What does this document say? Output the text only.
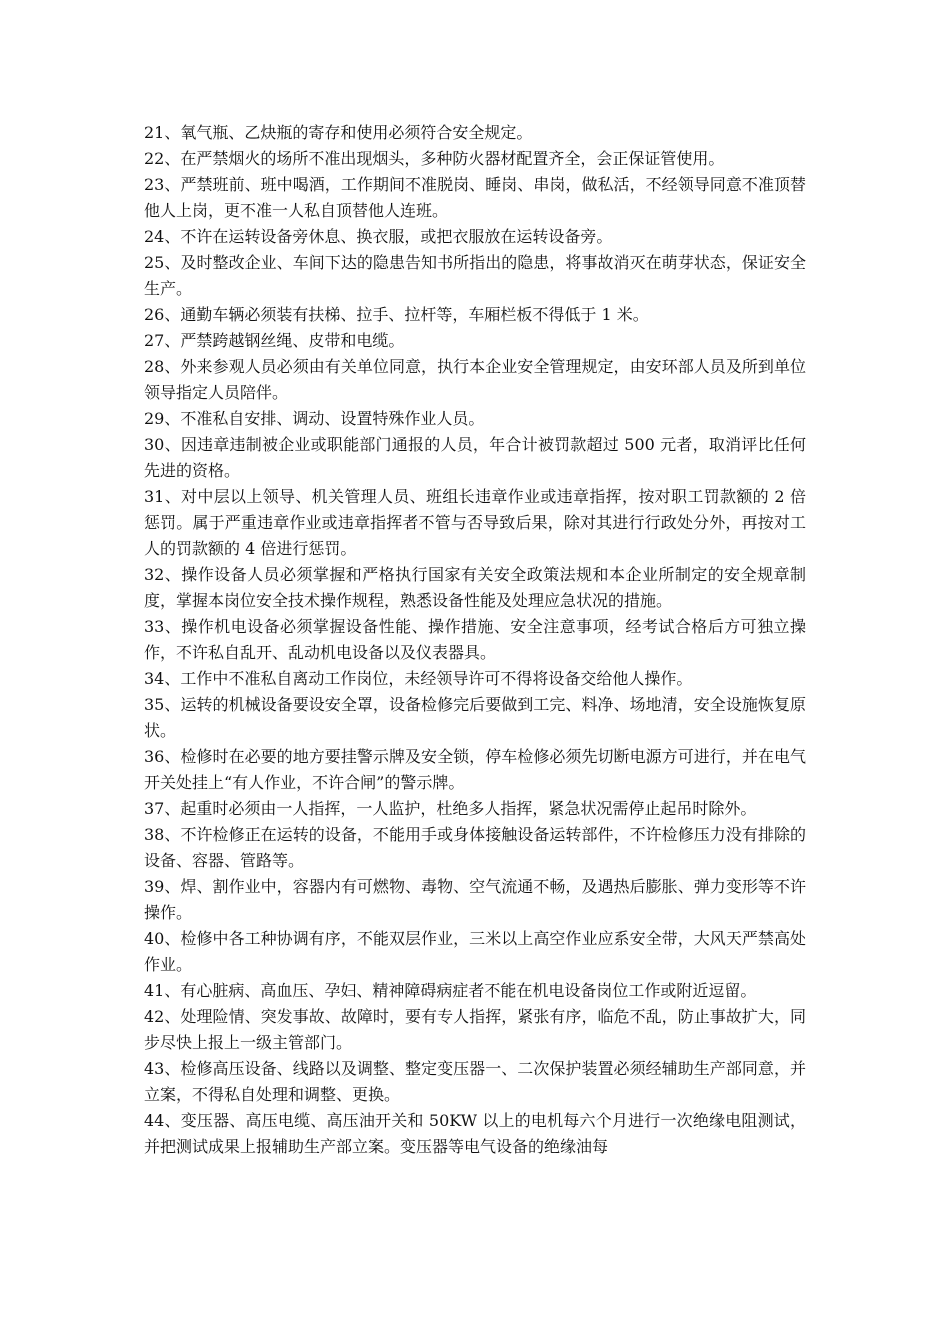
21、氧气瓶、乙炔瓶的寄存和使用必须符合安全规定。

22、在严禁烟火的场所不准出现烟头，多种防火器材配置齐全，会正保证管使用。

23、严禁班前、班中喝酒，工作期间不准脱岗、睡岗、串岗，做私活，不经领导同意不准顶替他人上岗，更不准一人私自顶替他人连班。

24、不许在运转设备旁休息、换衣服，或把衣服放在运转设备旁。

25、及时整改企业、车间下达的隐患告知书所指出的隐患，将事故消灭在萌芽状态，保证安全生产。

26、通勤车辆必须装有扶梯、拉手、拉杆等，车厢栏板不得低于 1 米。

27、严禁跨越钢丝绳、皮带和电缆。

28、外来参观人员必须由有关单位同意，执行本企业安全管理规定，由安环部人员及所到单位领导指定人员陪伴。

29、不准私自安排、调动、设置特殊作业人员。

30、因违章违制被企业或职能部门通报的人员，年合计被罚款超过 500 元者，取消评比任何先进的资格。

31、对中层以上领导、机关管理人员、班组长违章作业或违章指挥，按对职工罚款额的 2 倍惩罚。属于严重违章作业或违章指挥者不管与否导致后果，除对其进行行政处分外，再按对工人的罚款额的 4 倍进行惩罚。

32、操作设备人员必须掌握和严格执行国家有关安全政策法规和本企业所制定的安全规章制度，掌握本岗位安全技术操作规程，熟悉设备性能及处理应急状况的措施。

33、操作机电设备必须掌握设备性能、操作措施、安全注意事项，经考试合格后方可独立操作，不许私自乱开、乱动机电设备以及仪表器具。

34、工作中不准私自离动工作岗位，未经领导许可不得将设备交给他人操作。

35、运转的机械设备要设安全罩，设备检修完后要做到工完、料净、场地清，安全设施恢复原状。

36、检修时在必要的地方要挂警示牌及安全锁，停车检修必须先切断电源方可进行，并在电气开关处挂上“有人作业，不许合闸”的警示牌。

37、起重时必须由一人指挥，一人监护，杜绝多人指挥，紧急状况需停止起吊时除外。

38、不许检修正在运转的设备，不能用手或身体接触设备运转部件，不许检修压力没有排除的设备、容器、管路等。

39、焊、割作业中，容器内有可燃物、毒物、空气流通不畅，及遇热后膨胀、弹力变形等不许操作。

40、检修中各工种协调有序，不能双层作业，三米以上高空作业应系安全带，大风天严禁高处作业。

41、有心脏病、高血压、孕妇、精神障碍病症者不能在机电设备岗位工作或附近逗留。

42、处理险情、突发事故、故障时，要有专人指挥，紧张有序，临危不乱，防止事故扩大，同步尽快上报上一级主管部门。

43、检修高压设备、线路以及调整、整定变压器一、二次保护装置必须经辅助生产部同意，并立案，不得私自处理和调整、更换。

44、变压器、高压电缆、高压油开关和 50KW 以上的电机每六个月进行一次绝缘电阻测试，并把测试成果上报辅助生产部立案。变压器等电气设备的绝缘油每
